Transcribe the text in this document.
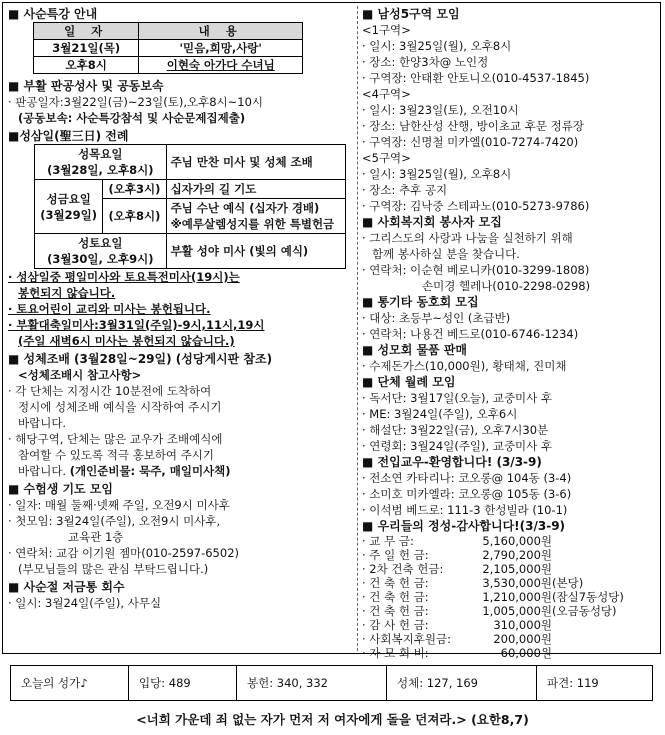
■ 사순특강 안내
일 자	내 용
3월21일(목)	'믿음,희망,사랑'
오후8시	이현숙 아가다 수녀님
■ 부활 판공성사 및 공동보속
· 판공일자:3월22일(금)~23일(토),오후8시~10시
(공동보속: 사순특강참석 및 사순문제집제출)
■성삼일(聖三日) 전례
성목요일
(3월28일, 오후8시)		주님 만찬 미사 및 성체 조배

성금요일
(3월29일)	(오후3시)	십자가의 길 기도
	(오후8시)	주님 수난 예식 (십자가 경배)
※예루살렘성지를 위한 특별헌금

성토요일
(3월30일, 오후9시)		부활 성야 미사 (빛의 예식)
· 성삼일중 평일미사와 토요특전미사(19시)는
봉헌되지 않습니다.
· 토요어린이 교리와 미사는 봉헌됩니다.
· 부활대축일미사:3월31일(주일)-9시,11시,19시
(주일 새벽6시 미사는 봉헌되지 않습니다.)
■ 성체조배 (3월28일~29일) (성당게시판 참조)
<성체조배시 참고사항>
· 각 단체는 지정시간 10분전에 도착하여
정시에 성체조배 예식을 시작하여 주시기
바랍니다.
· 해당구역, 단체는 많은 교우가 조배예식에
참여할 수 있도록 적극 홍보하여 주시기
바랍니다. (개인준비물: 묵주, 매일미사책)
■ 수험생 기도 모임
· 일자: 매월 둘째·넷째 주일, 오전9시 미사후
· 첫모임: 3월24일(주일), 오전9시 미사후,
교육관 1층
· 연락처: 교감 이기원 젬마(010-2597-6502)
(부모님들의 많은 관심 부탁드립니다.)
■ 사순절 저금통 회수
· 일시: 3월24일(주일), 사무실
■ 남성5구역 모임
<1구역>
· 일시: 3월25일(월), 오후8시
· 장소: 한양3차@ 노인정
· 구역장: 안태환 안토니오(010-4537-1845)
<4구역>
· 일시: 3월23일(토), 오전10시
· 장소: 남한산성 산행, 방이초교 후문 정류장
· 구역장: 신명철 미카엘(010-7274-7420)
<5구역>
· 일시: 3월25일(월), 오후8시
· 장소: 추후 공지
· 구역장: 김낙중 스테파노(010-5273-9786)
■ 사회복지회 봉사자 모집
· 그리스도의 사랑과 나눔을 실천하기 위해
함께 봉사하실 분을 찾습니다.
· 연락처: 이순현 베로니카(010-3299-1808)
손미경 헬레나(010-2298-0298)
■ 통기타 동호회 모집
· 대상: 초등부~성인 (초급반)
· 연락처: 나용건 베드로(010-6746-1234)
■ 성모회 물품 판매
· 수제돈가스(10,000원), 황태채, 진미채
■ 단체 월례 모임
· 독서단: 3월17일(오늘), 교중미사 후
· ME: 3월24일(주일), 오후6시
· 해설단: 3월22일(금), 오후7시30분
· 연령회: 3월24일(주일), 교중미사 후
■ 전입교우-환영합니다! (3/3-9)
· 전소연 카타리나: 코오롱@ 104동 (3-4)
· 소미호 미카엘라: 코오롱@ 105동 (3-6)
· 이석범 베드로: 111-3 한성빌라 (10-1)
■ 우리들의 정성-감사합니다!(3/3-9)
· 교 무 금:	5,160,000원
· 주 일 헌 금:	2,790,200원
· 2차 건축 헌금:	2,105,000원
· 건 축 헌 금:	3,530,000원 (본당)
· 건 축 헌 금:	1,210,000원 (잠실7동성당)
· 건 축 헌 금:	1,005,000원 (오금동성당)
· 감 사 헌 금:	310,000원
· 사회복지후원금:	200,000원
· 자 모 회 비:	60,000원
오늘의 성가♪	입당: 489	봉헌: 340, 332	성체: 127, 169	파견: 119
<너희 가운데 죄 없는 자가 먼저 저 여자에게 돌을 던져라.> (요한8,7)
